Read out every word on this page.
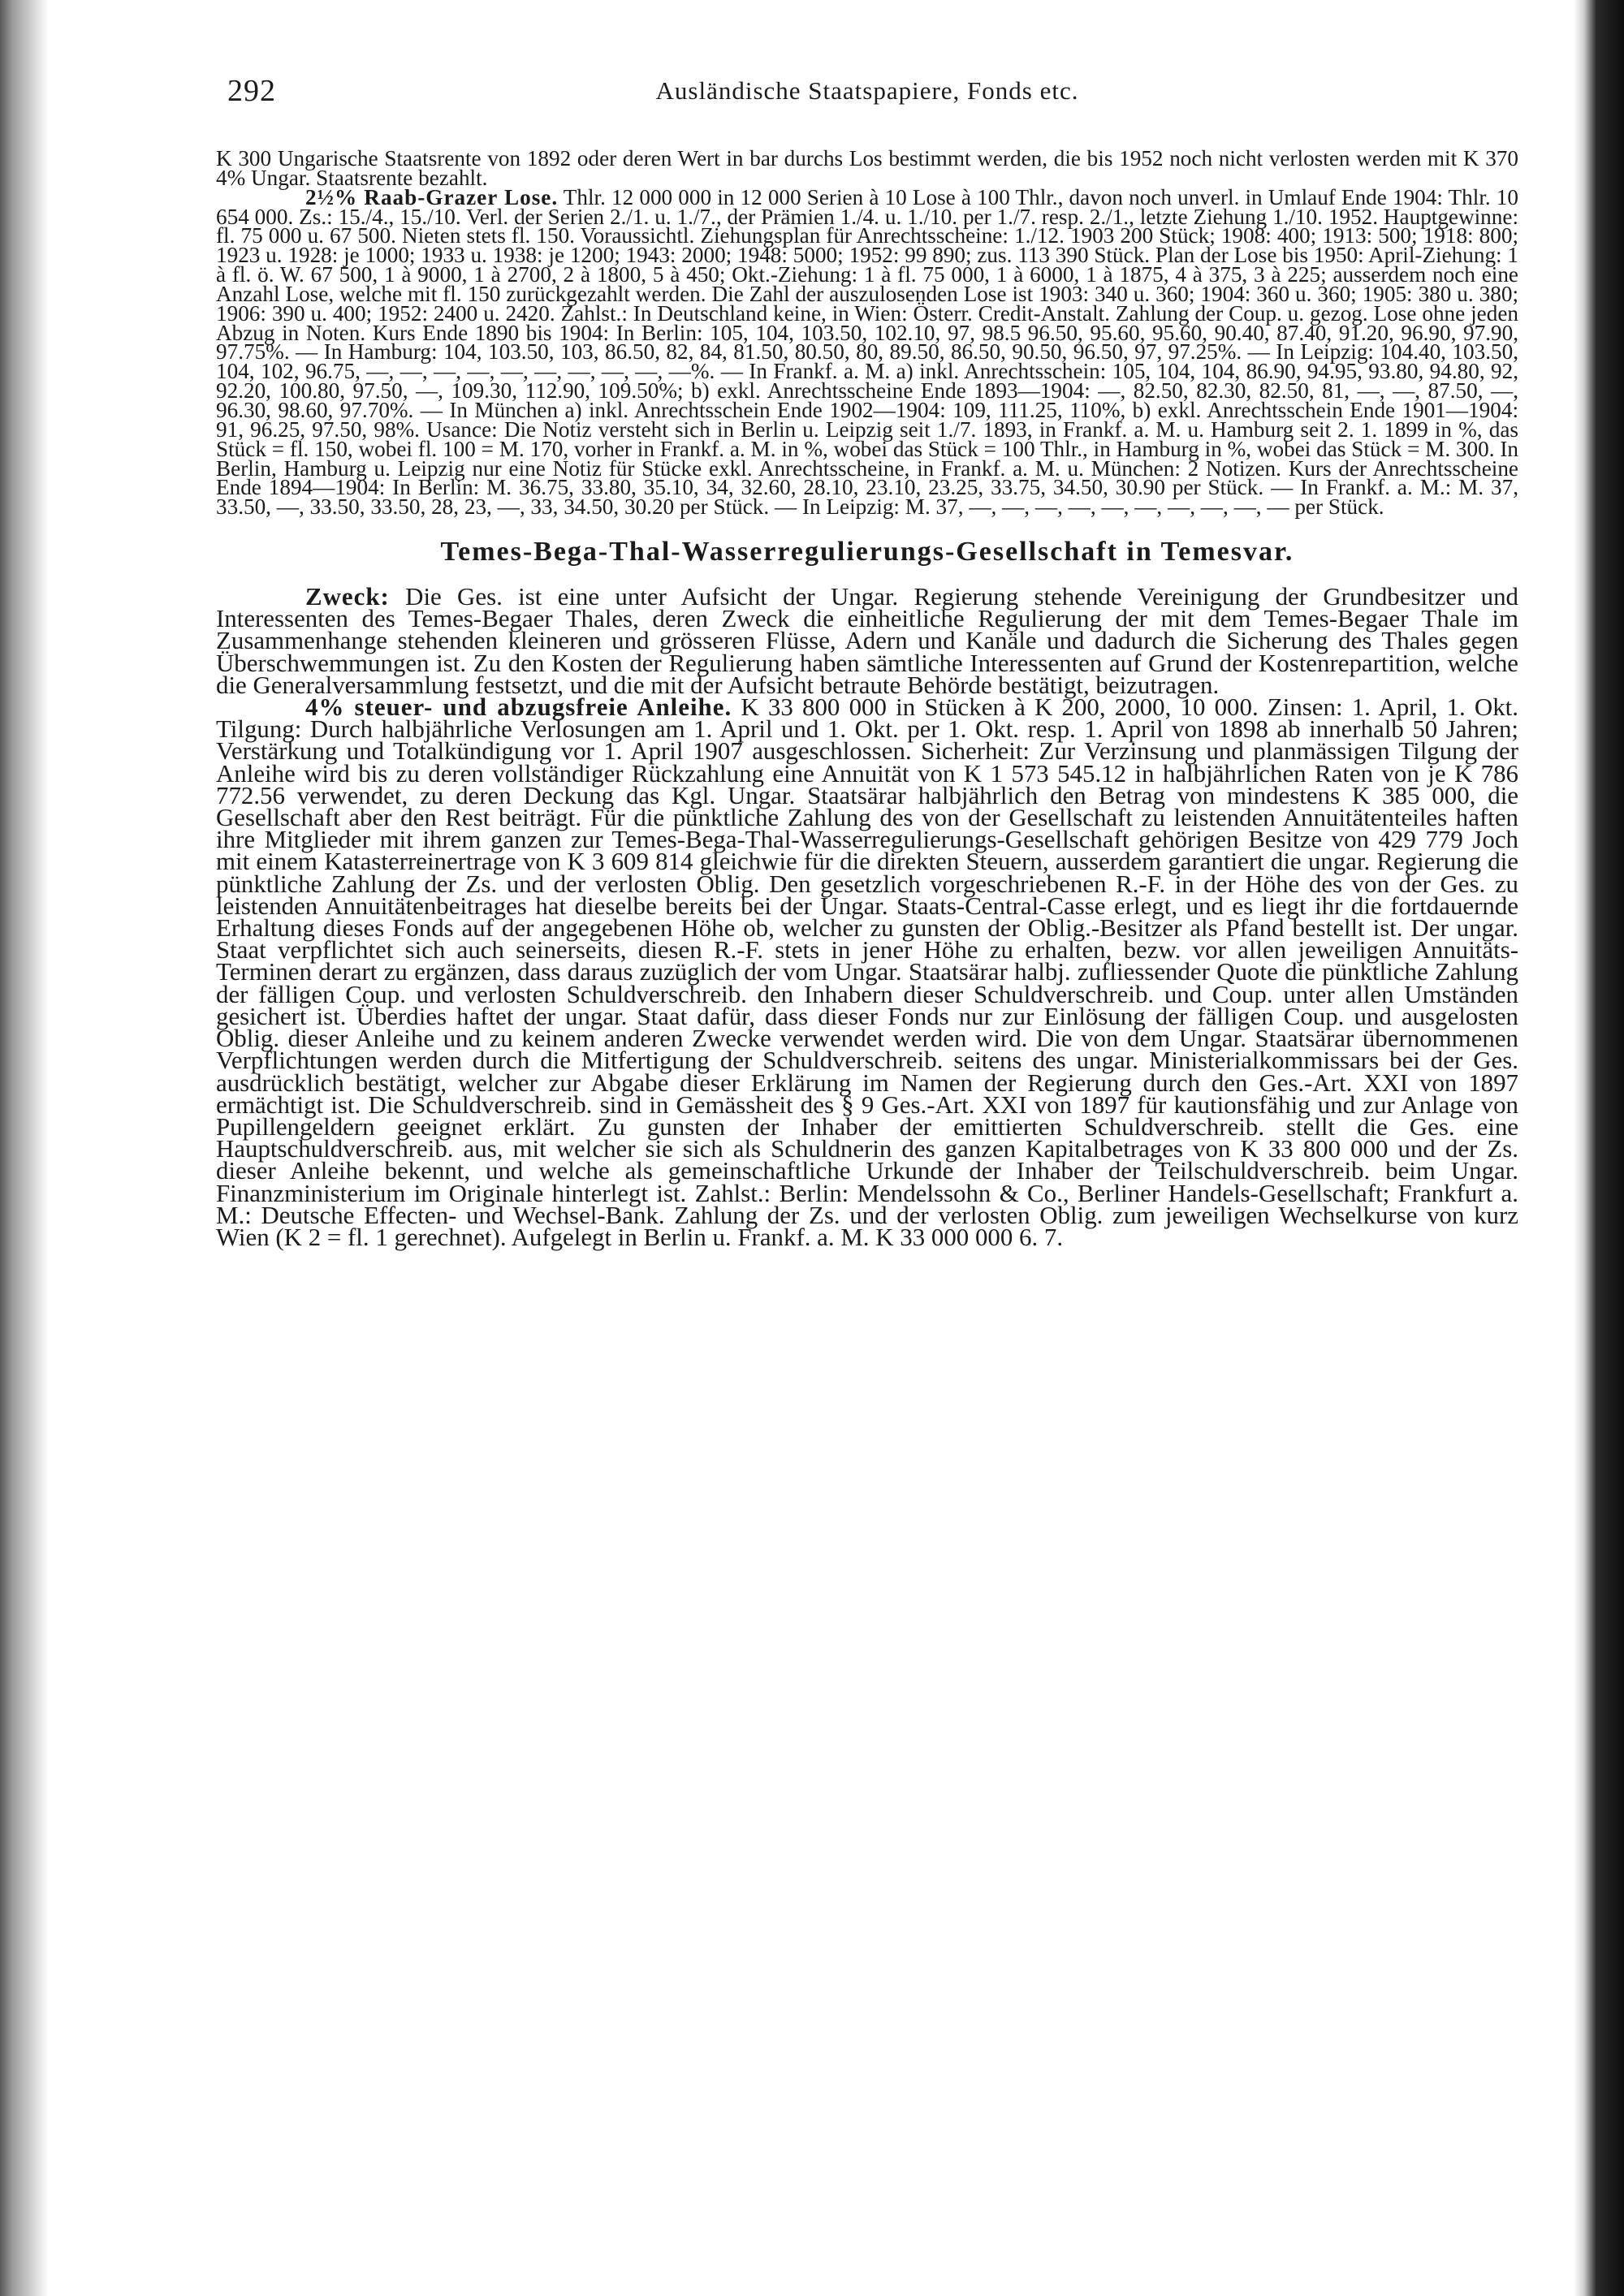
292	Ausländische Staatspapiere, Fonds etc.

K 300 Ungarische Staatsrente von 1892 oder deren Wert in bar durchs Los bestimmt werden, die bis 1952 noch nicht verlosten werden mit K 370 4% Ungar. Staatsrente bezahlt.

2½% Raab-Grazer Lose. Thlr. 12 000 000 in 12 000 Serien à 10 Lose à 100 Thlr., davon noch unverl. in Umlauf Ende 1904: Thlr. 10 654 000. Zs.: 15./4., 15./10. Verl. der Serien 2./1. u. 1./7., der Prämien 1./4. u. 1./10. per 1./7. resp. 2./1., letzte Ziehung 1./10. 1952. Hauptgewinne: fl. 75 000 u. 67 500. Nieten stets fl. 150. Voraussichtl. Ziehungsplan für Anrechtsscheine: 1./12. 1903 200 Stück; 1908: 400; 1913: 500; 1918: 800; 1923 u. 1928: je 1000; 1933 u. 1938: je 1200; 1943: 2000; 1948: 5000; 1952: 99 890; zus. 113 390 Stück. Plan der Lose bis 1950: April-Ziehung: 1 à fl. ö. W. 67 500, 1 à 9000, 1 à 2700, 2 à 1800, 5 à 450; Okt.-Ziehung: 1 à fl. 75 000, 1 à 6000, 1 à 1875, 4 à 375, 3 à 225; ausserdem noch eine Anzahl Lose, welche mit fl. 150 zurückgezahlt werden. Die Zahl der auszulosenden Lose ist 1903: 340 u. 360; 1904: 360 u. 360; 1905: 380 u. 380; 1906: 390 u. 400; 1952: 2400 u. 2420. Zahlst.: In Deutschland keine, in Wien: Österr. Credit-Anstalt. Zahlung der Coup. u. gezog. Lose ohne jeden Abzug in Noten. Kurs Ende 1890 bis 1904: In Berlin: 105, 104, 103.50, 102.10, 97, 98.5 96.50, 95.60, 95.60, 90.40, 87.40, 91.20, 96.90, 97.90, 97.75%. — In Hamburg: 104, 103.50, 103, 86.50, 82, 84, 81.50, 80.50, 80, 89.50, 86.50, 90.50, 96.50, 97, 97.25%. — In Leipzig: 104.40, 103.50, 104, 102, 96.75, —, —, —, —, —, —, —, —, —, —%. — In Frankf. a. M. a) inkl. Anrechtsschein: 105, 104, 104, 86.90, 94.95, 93.80, 94.80, 92, 92.20, 100.80, 97.50, —, 109.30, 112.90, 109.50%; b) exkl. Anrechtsscheine Ende 1893—1904: —, 82.50, 82.30, 82.50, 81, —, —, 87.50, —, 96.30, 98.60, 97.70%. — In München a) inkl. Anrechtsschein Ende 1902—1904: 109, 111.25, 110%, b) exkl. Anrechtsschein Ende 1901—1904: 91, 96.25, 97.50, 98%. Usance: Die Notiz versteht sich in Berlin u. Leipzig seit 1./7. 1893, in Frankf. a. M. u. Hamburg seit 2. 1. 1899 in %, das Stück = fl. 150, wobei fl. 100 = M. 170, vorher in Frankf. a. M. in %, wobei das Stück = 100 Thlr., in Hamburg in %, wobei das Stück = M. 300. In Berlin, Hamburg u. Leipzig nur eine Notiz für Stücke exkl. Anrechtsscheine, in Frankf. a. M. u. München: 2 Notizen. Kurs der Anrechtsscheine Ende 1894—1904: In Berlin: M. 36.75, 33.80, 35.10, 34, 32.60, 28.10, 23.10, 23.25, 33.75, 34.50, 30.90 per Stück. — In Frankf. a. M.: M. 37, 33.50, —, 33.50, 33.50, 28, 23, —, 33, 34.50, 30.20 per Stück. — In Leipzig: M. 37, —, —, —, —, —, —, —, —, —, — per Stück.

Temes-Bega-Thal-Wasserregulierungs-Gesellschaft in Temesvar.

Zweck: Die Ges. ist eine unter Aufsicht der Ungar. Regierung stehende Vereinigung der Grundbesitzer und Interessenten des Temes-Begaer Thales, deren Zweck die einheitliche Regulierung der mit dem Temes-Begaer Thale im Zusammenhange stehenden kleineren und grösseren Flüsse, Adern und Kanäle und dadurch die Sicherung des Thales gegen Überschwemmungen ist. Zu den Kosten der Regulierung haben sämtliche Interessenten auf Grund der Kostenrepartition, welche die Generalversammlung festsetzt, und die mit der Aufsicht betraute Behörde bestätigt, beizutragen.

4% steuer- und abzugsfreie Anleihe. K 33 800 000 in Stücken à K 200, 2000, 10 000. Zinsen: 1. April, 1. Okt. Tilgung: Durch halbjährliche Verlosungen am 1. April und 1. Okt. per 1. Okt. resp. 1. April von 1898 ab innerhalb 50 Jahren; Verstärkung und Totalkündigung vor 1. April 1907 ausgeschlossen. Sicherheit: Zur Verzinsung und planmässigen Tilgung der Anleihe wird bis zu deren vollständiger Rückzahlung eine Annuität von K 1 573 545.12 in halbjährlichen Raten von je K 786 772.56 verwendet, zu deren Deckung das Kgl. Ungar. Staatsärar halbjährlich den Betrag von mindestens K 385 000, die Gesellschaft aber den Rest beiträgt. Für die pünktliche Zahlung des von der Gesellschaft zu leistenden Annuitätenteiles haften ihre Mitglieder mit ihrem ganzen zur Temes-Bega-Thal-Wasserregulierungs-Gesellschaft gehörigen Besitze von 429 779 Joch mit einem Katasterreinertrage von K 3 609 814 gleichwie für die direkten Steuern, ausserdem garantiert die ungar. Regierung die pünktliche Zahlung der Zs. und der verlosten Oblig. Den gesetzlich vorgeschriebenen R.-F. in der Höhe des von der Ges. zu leistenden Annuitätenbeitrages hat dieselbe bereits bei der Ungar. Staats-Central-Casse erlegt, und es liegt ihr die fortdauernde Erhaltung dieses Fonds auf der angegebenen Höhe ob, welcher zu gunsten der Oblig.-Besitzer als Pfand bestellt ist. Der ungar. Staat verpflichtet sich auch seinerseits, diesen R.-F. stets in jener Höhe zu erhalten, bezw. vor allen jeweiligen Annuitäts-Terminen derart zu ergänzen, dass daraus zuzüglich der vom Ungar. Staatsärar halbj. zufliessender Quote die pünktliche Zahlung der fälligen Coup. und verlosten Schuldverschreib. den Inhabern dieser Schuldverschreib. und Coup. unter allen Umständen gesichert ist. Überdies haftet der ungar. Staat dafür, dass dieser Fonds nur zur Einlösung der fälligen Coup. und ausgelosten Oblig. dieser Anleihe und zu keinem anderen Zwecke verwendet werden wird. Die von dem Ungar. Staatsärar übernommenen Verpflichtungen werden durch die Mitfertigung der Schuldverschreib. seitens des ungar. Ministerialkommissars bei der Ges. ausdrücklich bestätigt, welcher zur Abgabe dieser Erklärung im Namen der Regierung durch den Ges.-Art. XXI von 1897 ermächtigt ist. Die Schuldverschreib. sind in Gemässheit des § 9 Ges.-Art. XXI von 1897 für kautionsfähig und zur Anlage von Pupillengeldern geeignet erklärt. Zu gunsten der Inhaber der emittierten Schuldverschreib. stellt die Ges. eine Hauptschuldverschreib. aus, mit welcher sie sich als Schuldnerin des ganzen Kapitalbetrages von K 33 800 000 und der Zs. dieser Anleihe bekennt, und welche als gemeinschaftliche Urkunde der Inhaber der Teilschuldverschreib. beim Ungar. Finanzministerium im Originale hinterlegt ist. Zahlst.: Berlin: Mendelssohn & Co., Berliner Handels-Gesellschaft; Frankfurt a. M.: Deutsche Effecten- und Wechsel-Bank. Zahlung der Zs. und der verlosten Oblig. zum jeweiligen Wechselkurse von kurz Wien (K 2 = fl. 1 gerechnet). Aufgelegt in Berlin u. Frankf. a. M. K 33 000 000 6. 7.
